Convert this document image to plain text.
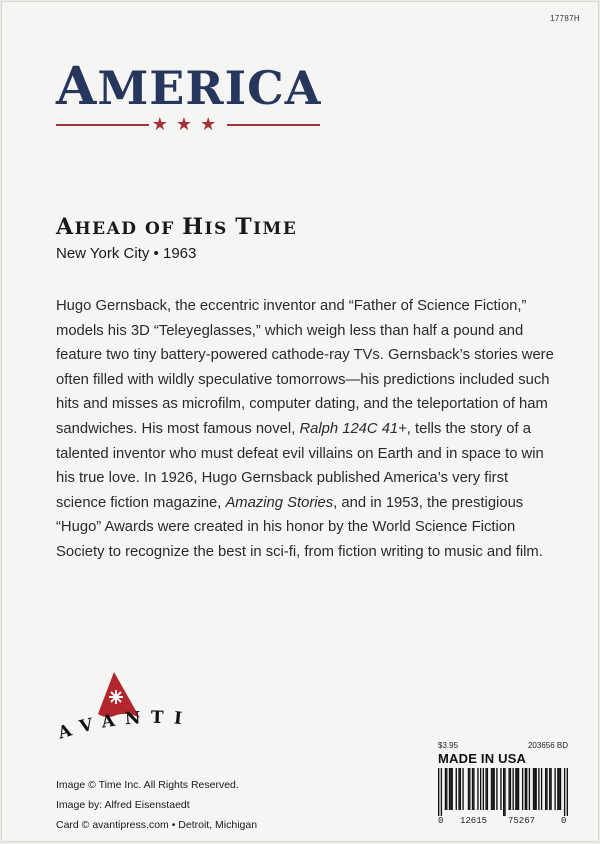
17787H
AMERICA
★★★
AHEAD OF HIS TIME
New York City • 1963
Hugo Gernsback, the eccentric inventor and “Father of Science Fiction,” models his 3D “Teleyeglasses,” which weigh less than half a pound and feature two tiny battery-powered cathode-ray TVs. Gernsback’s stories were often filled with wildly speculative tomorrows—his predictions included such hits and misses as microfilm, computer dating, and the teleportation of ham sandwiches. His most famous novel, Ralph 124C 41+, tells the story of a talented inventor who must defeat evil villains on Earth and in space to win his true love. In 1926, Hugo Gernsback published America’s very first science fiction magazine, Amazing Stories, and in 1953, the prestigious “Hugo” Awards were created in his honor by the World Science Fiction Society to recognize the best in sci-fi, from fiction writing to music and film.
AVANTI
Image © Time Inc. All Rights Reserved.
Image by: Alfred Eisenstaedt
Card © avantipress.com • Detroit, Michigan
$3.95	203656 BD
MADE IN USA
0 12615 75267	0
